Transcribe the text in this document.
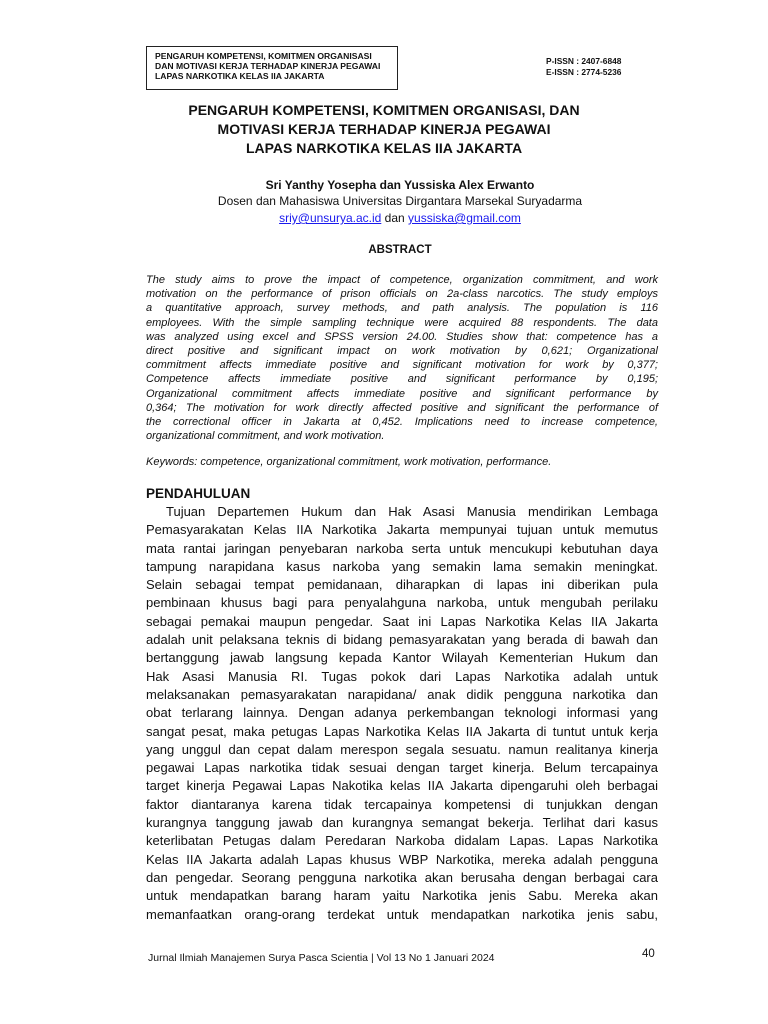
PENGARUH KOMPETENSI, KOMITMEN ORGANISASI
DAN MOTIVASI KERJA TERHADAP KINERJA PEGAWAI
LAPAS NARKOTIKA KELAS IIA JAKARTA
P-ISSN : 2407-6848
E-ISSN : 2774-5236
PENGARUH KOMPETENSI, KOMITMEN ORGANISASI, DAN
MOTIVASI KERJA TERHADAP KINERJA PEGAWAI
LAPAS NARKOTIKA KELAS IIA JAKARTA
Sri Yanthy Yosepha dan Yussiska Alex Erwanto
Dosen dan Mahasiswa Universitas Dirgantara Marsekal Suryadarma
sriy@unsurya.ac.id dan yussiska@gmail.com
ABSTRACT
The study aims to prove the impact of competence, organization commitment, and work
motivation on the performance of prison officials on 2a-class narcotics. The study employs
a quantitative approach, survey methods, and path analysis. The population is 116
employees. With the simple sampling technique were acquired 88 respondents. The data
was analyzed using excel and SPSS version 24.00. Studies show that: competence has a
direct positive and significant impact on work motivation by 0,621; Organizational
commitment affects immediate positive and significant motivation for work by 0,377;
Competence affects immediate positive and significant performance by 0,195;
Organizational commitment affects immediate positive and significant performance by
0,364; The motivation for work directly affected positive and significant the performance of
the correctional officer in Jakarta at 0,452. Implications need to increase competence,
organizational commitment, and work motivation.
Keywords: competence, organizational commitment, work motivation, performance.
PENDAHULUAN
Tujuan Departemen Hukum dan Hak Asasi Manusia mendirikan Lembaga
Pemasyarakatan Kelas IIA Narkotika Jakarta mempunyai tujuan untuk memutus
mata rantai jaringan penyebaran narkoba serta untuk mencukupi kebutuhan daya
tampung narapidana kasus narkoba yang semakin lama semakin meningkat.
Selain sebagai tempat pemidanaan, diharapkan di lapas ini diberikan pula
pembinaan khusus bagi para penyalahguna narkoba, untuk mengubah perilaku
sebagai pemakai maupun pengedar. Saat ini Lapas Narkotika Kelas IIA Jakarta
adalah unit pelaksana teknis di bidang pemasyarakatan yang berada di bawah dan
bertanggung jawab langsung kepada Kantor Wilayah Kementerian Hukum dan
Hak Asasi Manusia RI. Tugas pokok dari Lapas Narkotika adalah untuk
melaksanakan pemasyarakatan narapidana/ anak didik pengguna narkotika dan
obat terlarang lainnya. Dengan adanya perkembangan teknologi informasi yang
sangat pesat, maka petugas Lapas Narkotika Kelas IIA Jakarta di tuntut untuk kerja
yang unggul dan cepat dalam merespon segala sesuatu. namun realitanya kinerja
pegawai Lapas narkotika tidak sesuai dengan target kinerja. Belum tercapainya
target kinerja Pegawai Lapas Nakotika kelas IIA Jakarta dipengaruhi oleh berbagai
faktor diantaranya karena tidak tercapainya kompetensi di tunjukkan dengan
kurangnya tanggung jawab dan kurangnya semangat bekerja. Terlihat dari kasus
keterlibatan Petugas dalam Peredaran Narkoba didalam Lapas. Lapas Narkotika
Kelas IIA Jakarta adalah Lapas khusus WBP Narkotika, mereka adalah pengguna
dan pengedar. Seorang pengguna narkotika akan berusaha dengan berbagai cara
untuk mendapatkan barang haram yaitu Narkotika jenis Sabu. Mereka akan
memanfaatkan orang-orang terdekat untuk mendapatkan narkotika jenis sabu,
Jurnal Ilmiah Manajemen Surya Pasca Scientia | Vol 13 No 1 Januari 2024	40
